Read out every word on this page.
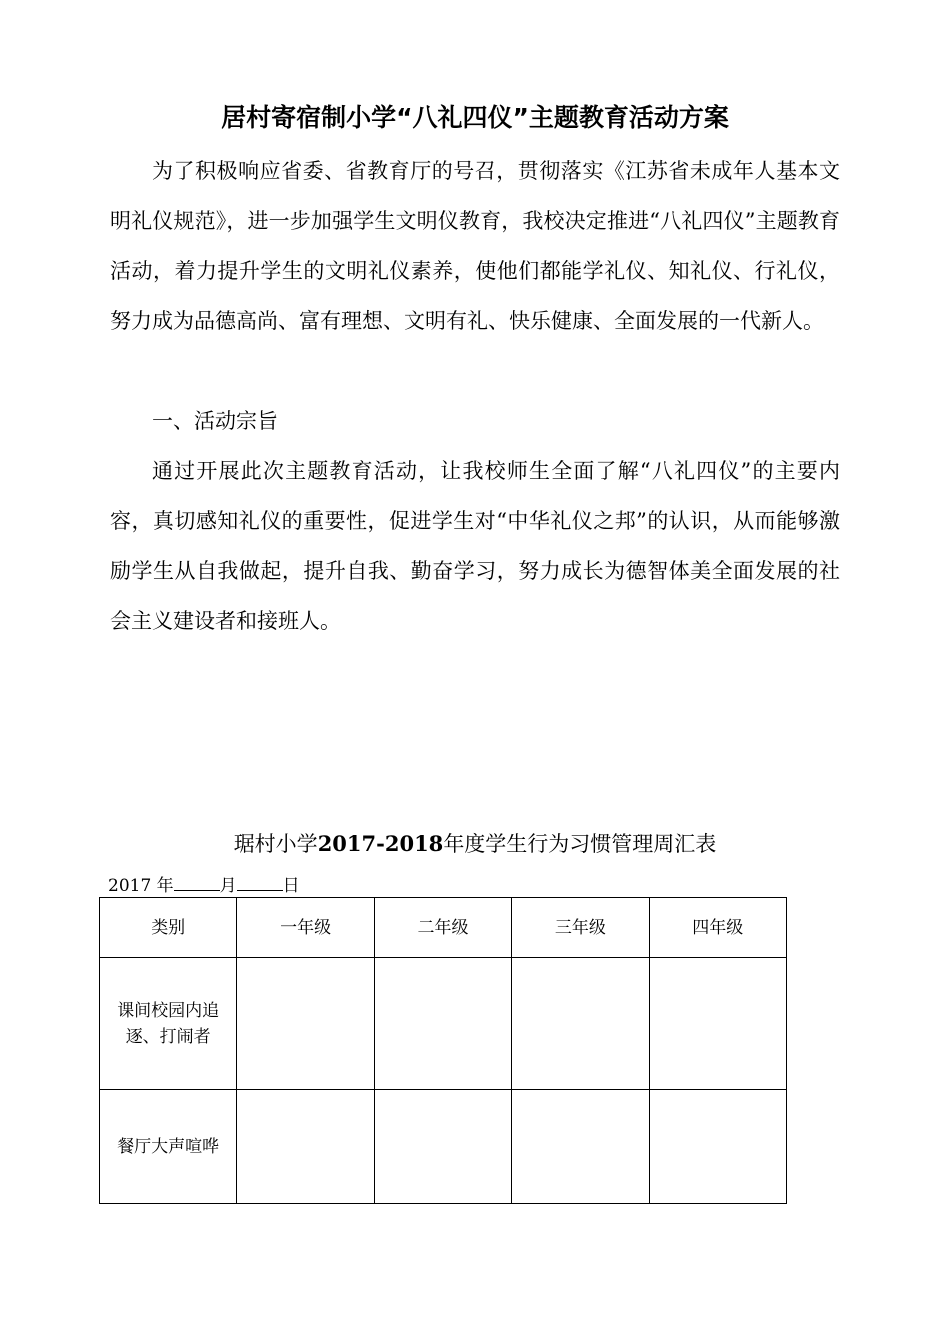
居村寄宿制小学“八礼四仪”主题教育活动方案

为了积极响应省委、省教育厅的号召，贯彻落实《江苏省未成年人基本文明礼仪规范》，进一步加强学生文明仪教育，我校决定推进“八礼四仪”主题教育活动，着力提升学生的文明礼仪素养，使他们都能学礼仪、知礼仪、行礼仪，努力成为品德高尚、富有理想、文明有礼、快乐健康、全面发展的一代新人。

一、活动宗旨

通过开展此次主题教育活动，让我校师生全面了解“八礼四仪”的主要内容，真切感知礼仪的重要性，促进学生对“中华礼仪之邦”的认识，从而能够激励学生从自我做起，提升自我、勤奋学习，努力成长为德智体美全面发展的社会主义建设者和接班人。

琚村小学2017-2018年度学生行为习惯管理周汇表

2017 年	月	日

类别	一年级	二年级	三年级	四年级
课间校园内追逐、打闹者				
餐厅大声喧哗				
